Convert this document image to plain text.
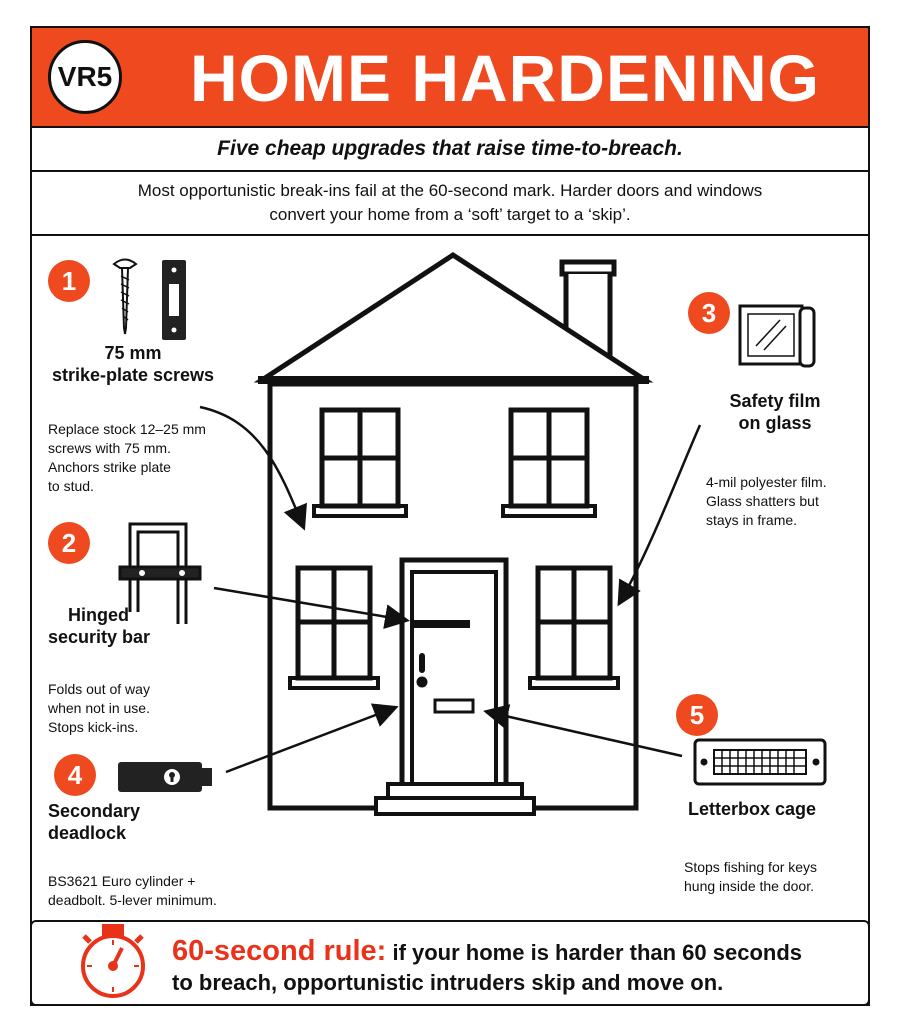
VR5	HOME HARDENING
Five cheap upgrades that raise time-to-breach.
Most opportunistic break-ins fail at the 60-second mark. Harder doors and windows
convert your home from a ‘soft’ target to a ‘skip’.
1
75 mm
strike-plate screws
Replace stock 12–25 mm
screws with 75 mm.
Anchors strike plate
to stud.
2
Hinged
security bar
Folds out of way
when not in use.
Stops kick-ins.
3
Safety film
on glass
4-mil polyester film.
Glass shatters but
stays in frame.
4
Secondary
deadlock
BS3621 Euro cylinder +
deadbolt. 5-lever minimum.
5
Letterbox cage
Stops fishing for keys
hung inside the door.
60-second rule: if your home is harder than 60 seconds
to breach, opportunistic intruders skip and move on.
